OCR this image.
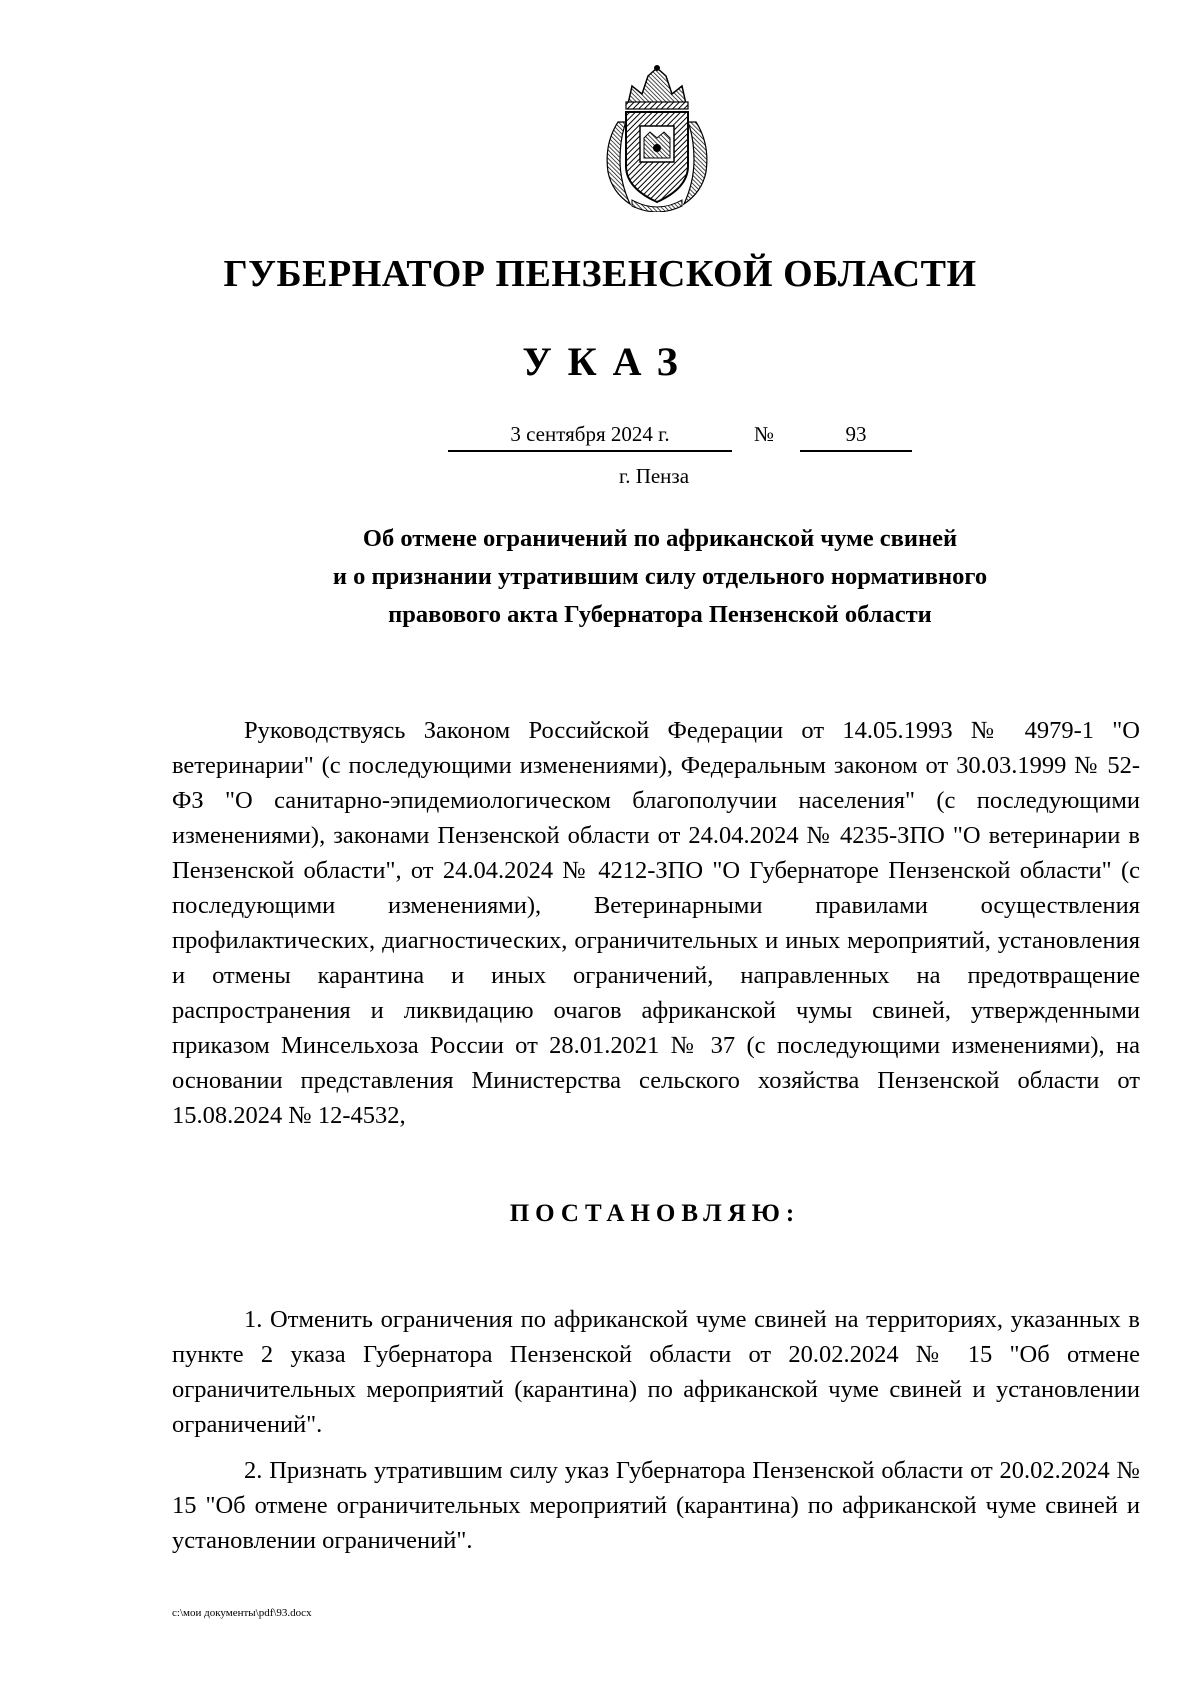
ГУБЕРНАТОР ПЕНЗЕНСКОЙ ОБЛАСТИ
УКАЗ
3 сентября 2024 г.	№	93
г. Пенза
Об отмене ограничений по африканской чуме свиней
и о признании утратившим силу отдельного нормативного
правового акта Губернатора Пензенской области

Руководствуясь Законом Российской Федерации от 14.05.1993 № 4979-1 "О ветеринарии" (с последующими изменениями), Федеральным законом от 30.03.1999 № 52-ФЗ "О санитарно-эпидемиологическом благополучии населения" (с последующими изменениями), законами Пензенской области от 24.04.2024 № 4235-ЗПО "О ветеринарии в Пензенской области", от 24.04.2024 № 4212-ЗПО "О Губернаторе Пензенской области" (с последующими изменениями), Ветеринарными правилами осуществления профилактических, диагностических, ограничительных и иных мероприятий, установления и отмены карантина и иных ограничений, направленных на предотвращение распространения и ликвидацию очагов африканской чумы свиней, утвержденными приказом Минсельхоза России от 28.01.2021 № 37 (с последующими изменениями), на основании представления Министерства сельского хозяйства Пензенской области от 15.08.2024 № 12-4532,

ПОСТАНОВЛЯЮ:

1. Отменить ограничения по африканской чуме свиней на территориях, указанных в пункте 2 указа Губернатора Пензенской области от 20.02.2024 № 15 "Об отмене ограничительных мероприятий (карантина) по африканской чуме свиней и установлении ограничений".

2. Признать утратившим силу указ Губернатора Пензенской области от 20.02.2024 № 15 "Об отмене ограничительных мероприятий (карантина) по африканской чуме свиней и установлении ограничений".

c:\мои документы\pdf\93.docx
